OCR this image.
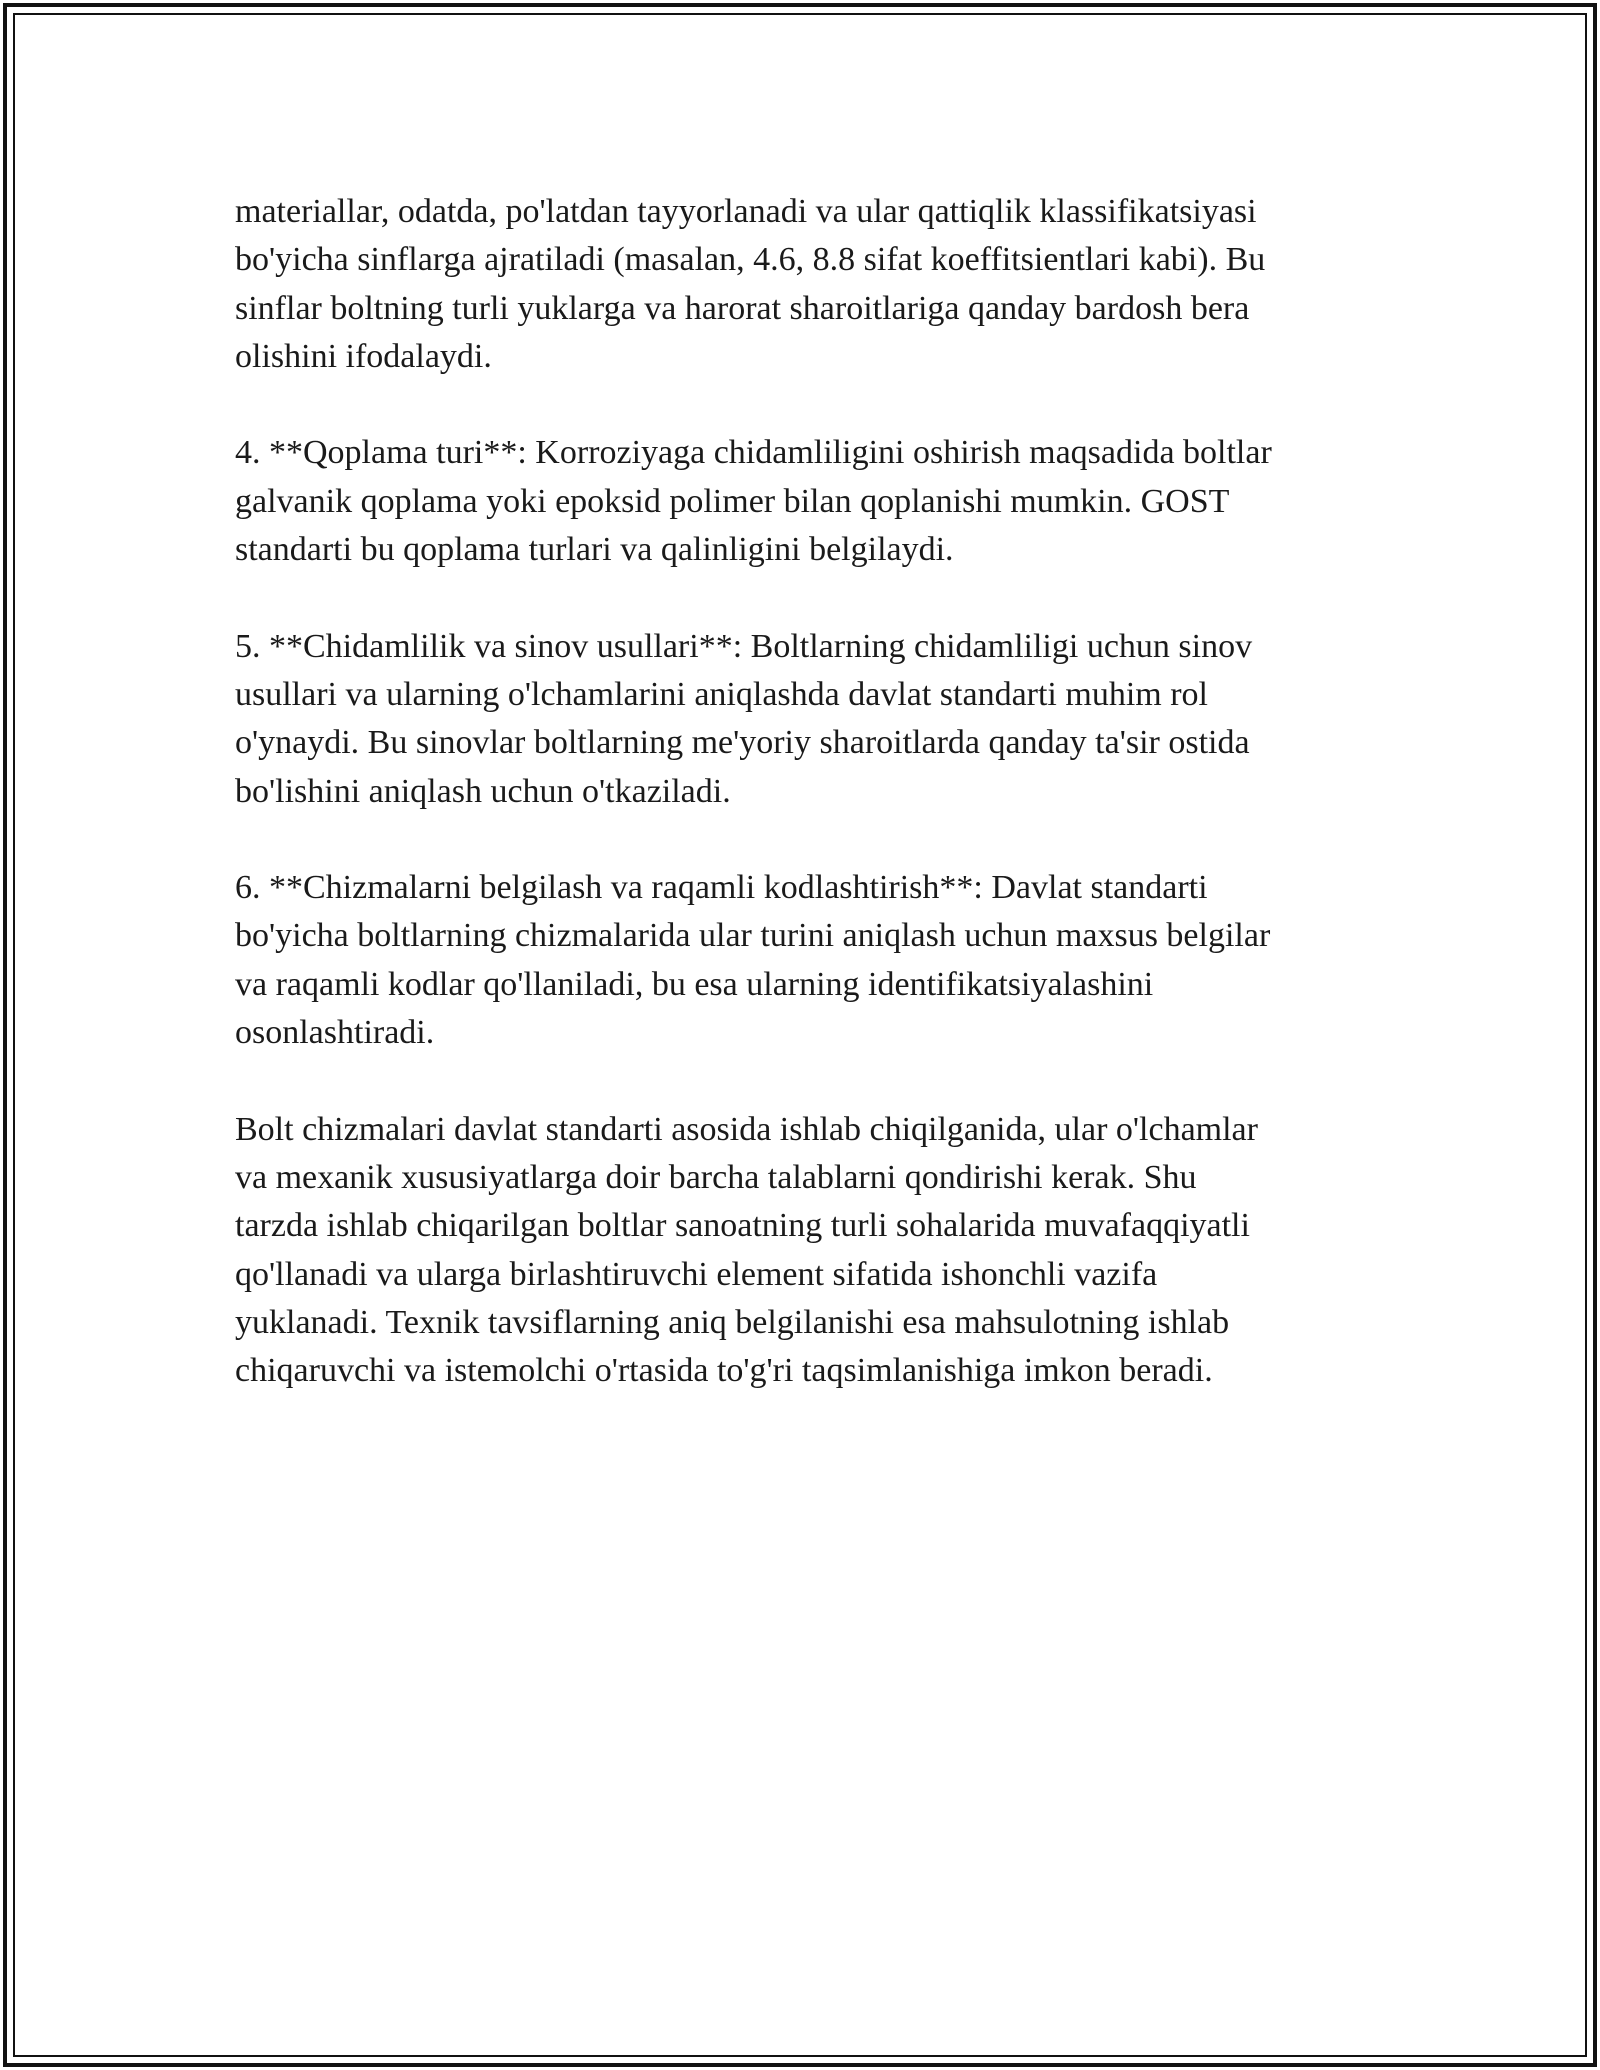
materiallar, odatda, po'latdan tayyorlanadi va ular qattiqlik klassifikatsiyasi
bo'yicha sinflarga ajratiladi (masalan, 4.6, 8.8 sifat koeffitsientlari kabi). Bu
sinflar boltning turli yuklarga va harorat sharoitlariga qanday bardosh bera
olishini ifodalaydi.

4. **Qoplama turi**: Korroziyaga chidamliligini oshirish maqsadida boltlar
galvanik qoplama yoki epoksid polimer bilan qoplanishi mumkin. GOST
standarti bu qoplama turlari va qalinligini belgilaydi.

5. **Chidamlilik va sinov usullari**: Boltlarning chidamliligi uchun sinov
usullari va ularning o'lchamlarini aniqlashda davlat standarti muhim rol
o'ynaydi. Bu sinovlar boltlarning me'yoriy sharoitlarda qanday ta'sir ostida
bo'lishini aniqlash uchun o'tkaziladi.

6. **Chizmalarni belgilash va raqamli kodlashtirish**: Davlat standarti
bo'yicha boltlarning chizmalarida ular turini aniqlash uchun maxsus belgilar
va raqamli kodlar qo'llaniladi, bu esa ularning identifikatsiyalashini
osonlashtiradi.

Bolt chizmalari davlat standarti asosida ishlab chiqilganida, ular o'lchamlar
va mexanik xususiyatlarga doir barcha talablarni qondirishi kerak. Shu
tarzda ishlab chiqarilgan boltlar sanoatning turli sohalarida muvafaqqiyatli
qo'llanadi va ularga birlashtiruvchi element sifatida ishonchli vazifa
yuklanadi. Texnik tavsiflarning aniq belgilanishi esa mahsulotning ishlab
chiqaruvchi va istemolchi o'rtasida to'g'ri taqsimlanishiga imkon beradi.
